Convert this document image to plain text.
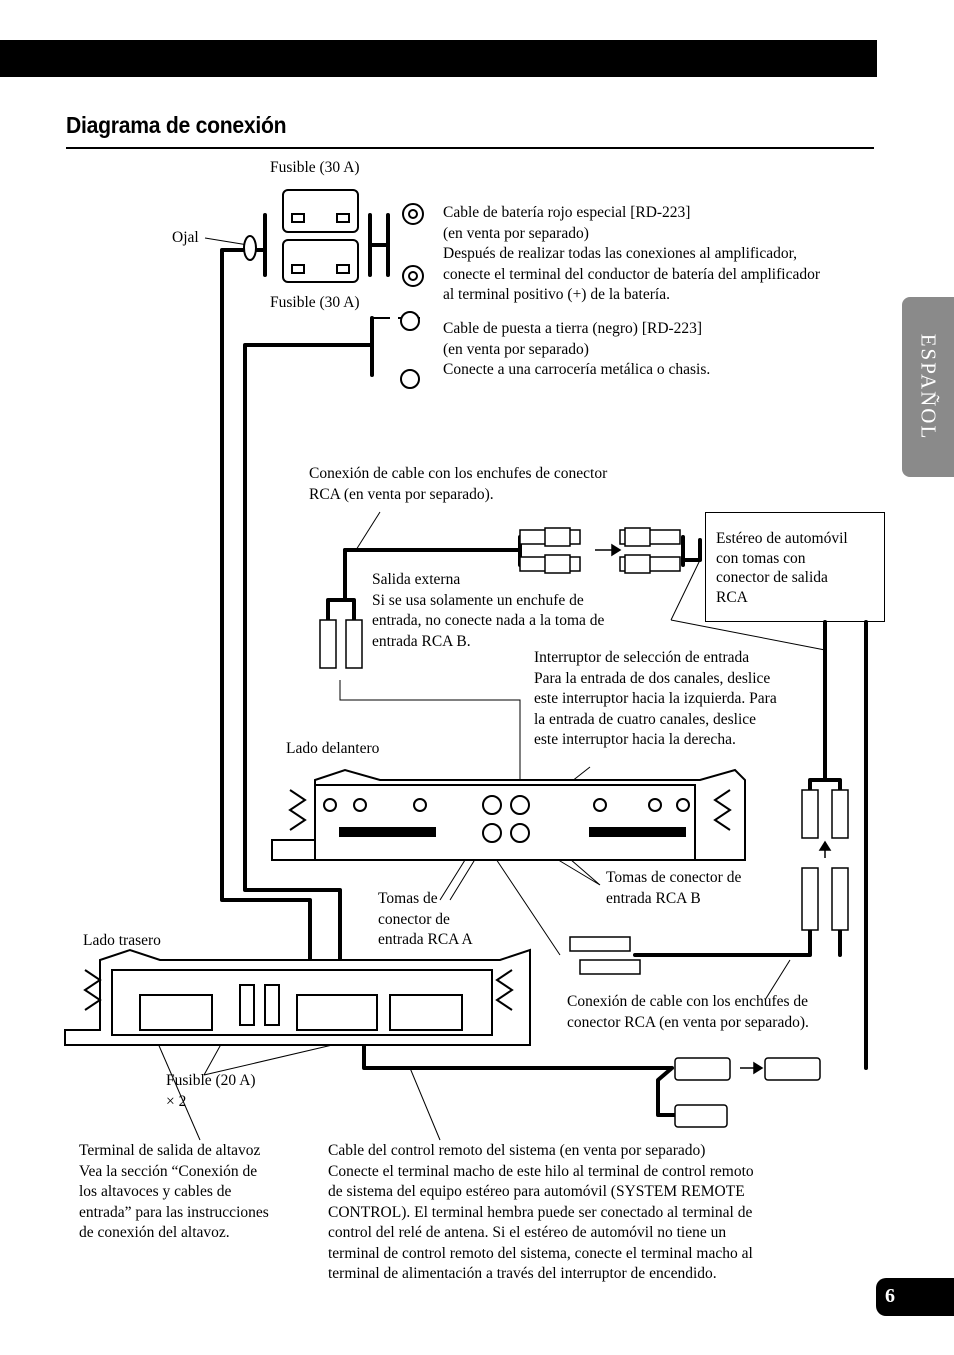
Diagrama de conexión
ESPAÑOL
6
Fusible (30 A)
Fusible (30 A)
Ojal
Cable de batería rojo especial [RD-223]
(en venta por separado)
Después de realizar todas las conexiones al amplificador,
conecte el terminal del conductor de batería del amplificador
al terminal positivo (+) de la batería.
Cable de puesta a tierra (negro) [RD-223]
(en venta por separado)
Conecte a una carrocería metálica o chasis.
Conexión de cable con los enchufes de conector
RCA (en venta por separado).
Estéreo de automóvil
con tomas con
conector de salida
RCA
Salida externa
Si se usa solamente un enchufe de
entrada, no conecte nada a la toma de
entrada RCA B.
Interruptor de selección de entrada
Para la entrada de dos canales, deslice
este interruptor hacia la izquierda. Para
la entrada de cuatro canales, deslice
este interruptor hacia la derecha.
Lado delantero
Lado trasero
Tomas de
conector de
entrada RCA A
Tomas de conector de
entrada RCA B
Conexión de cable con los enchufes de
conector RCA (en venta por separado).
Fusible (20 A)
× 2
Terminal de salida de altavoz
Vea la sección “Conexión de
los altavoces y cables de
entrada” para las instrucciones
de conexión del altavoz.
Cable del control remoto del sistema (en venta por separado)
Conecte el terminal macho de este hilo al terminal de control remoto
de sistema del equipo estéreo para automóvil (SYSTEM REMOTE
CONTROL). El terminal hembra puede ser conectado al terminal de
control del relé de antena. Si el estéreo de automóvil no tiene un
terminal de control remoto del sistema, conecte el terminal macho al
terminal de alimentación a través del interruptor de encendido.
